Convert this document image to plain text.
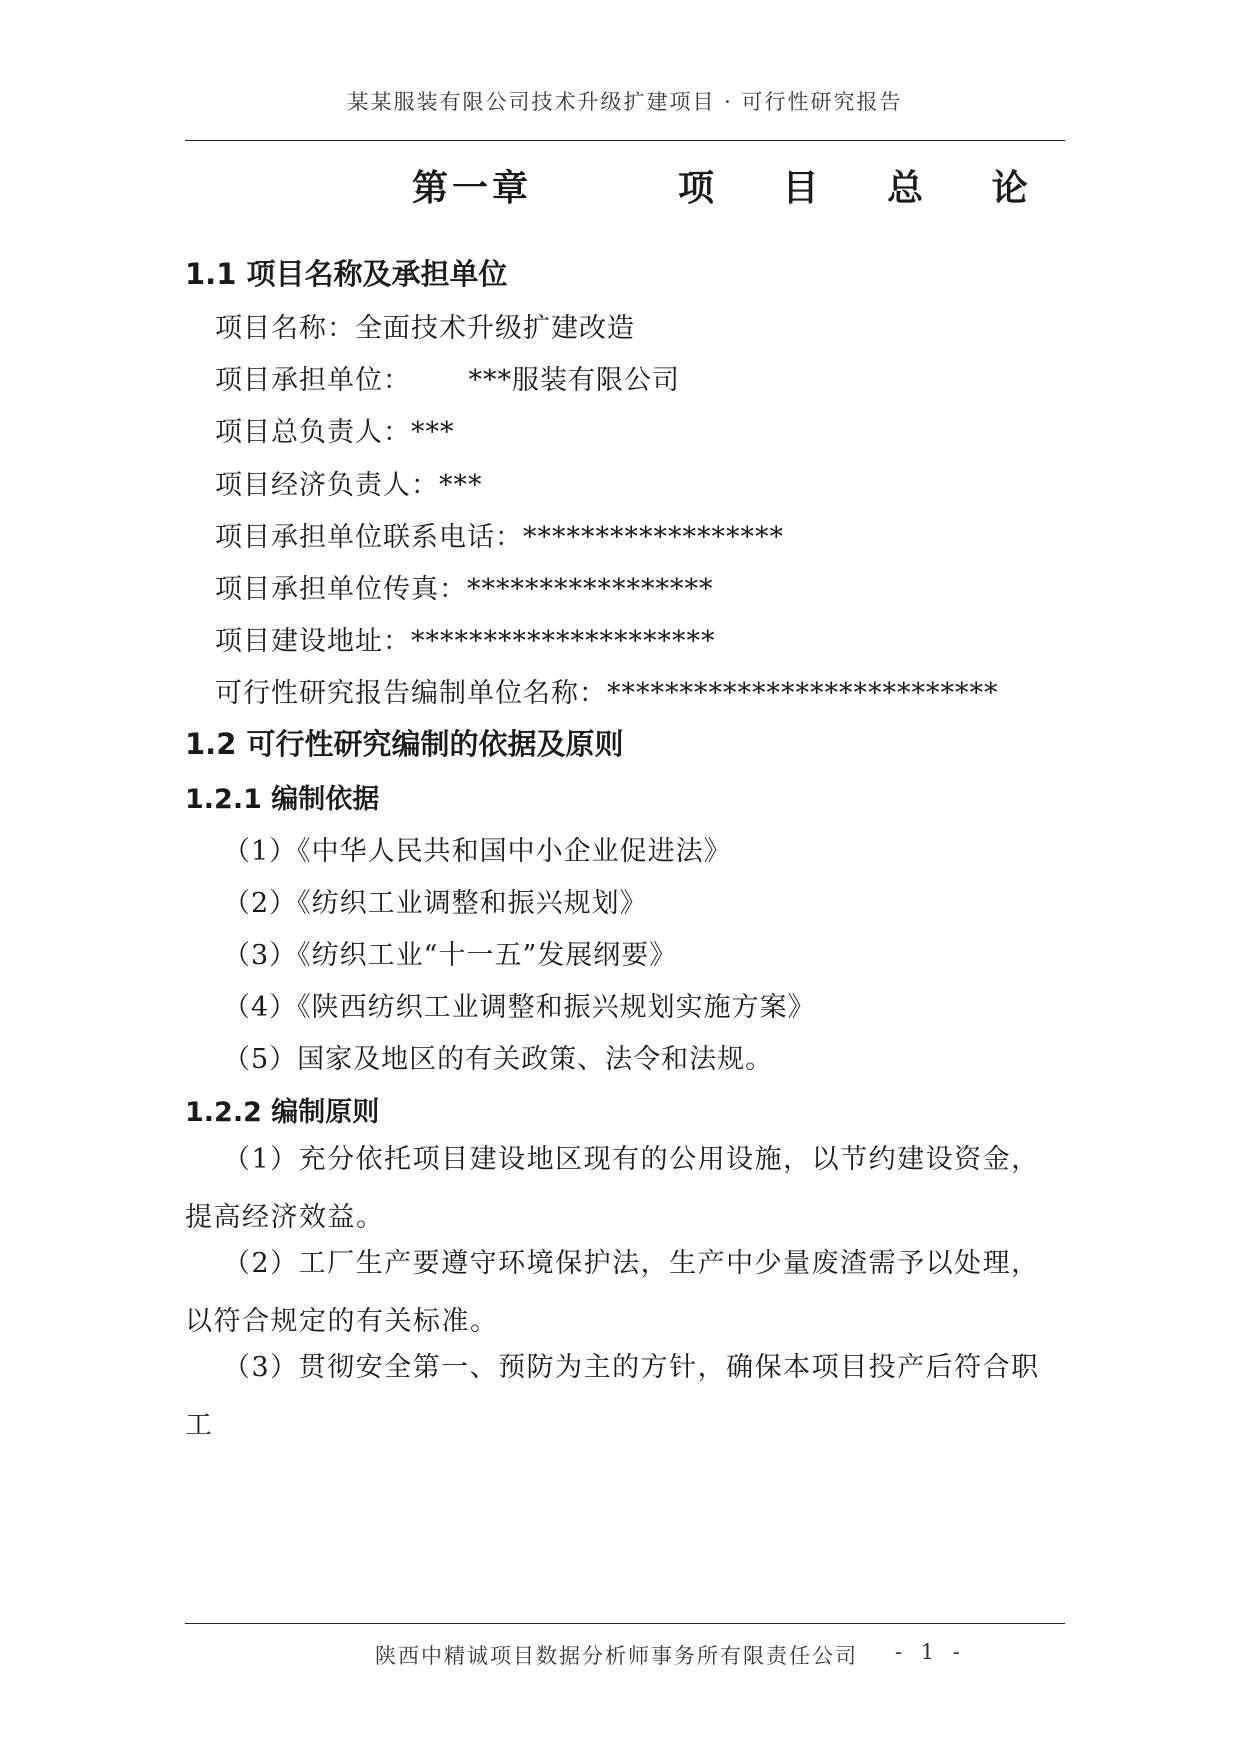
某某服装有限公司技术升级扩建项目 · 可行性研究报告
第一章	项 目 总 论
1.1 项目名称及承担单位
项目名称：全面技术升级扩建改造
项目承担单位：      ***服装有限公司
项目总负责人：***
项目经济负责人：***
项目承担单位联系电话：******************
项目承担单位传真：*****************
项目建设地址：*********************
可行性研究报告编制单位名称：***************************
1.2 可行性研究编制的依据及原则
1.2.1 编制依据
（1）《中华人民共和国中小企业促进法》
（2）《纺织工业调整和振兴规划》
（3）《纺织工业“十一五”发展纲要》
（4）《陕西纺织工业调整和振兴规划实施方案》
（5）国家及地区的有关政策、法令和法规。
1.2.2 编制原则
（1）充分依托项目建设地区现有的公用设施，以节约建设资金，提高经济效益。
（2）工厂生产要遵守环境保护法，生产中少量废渣需予以处理，以符合规定的有关标准。
（3）贯彻安全第一、预防为主的方针，确保本项目投产后符合职工
陕西中精诚项目数据分析师事务所有限责任公司 - 1 -
